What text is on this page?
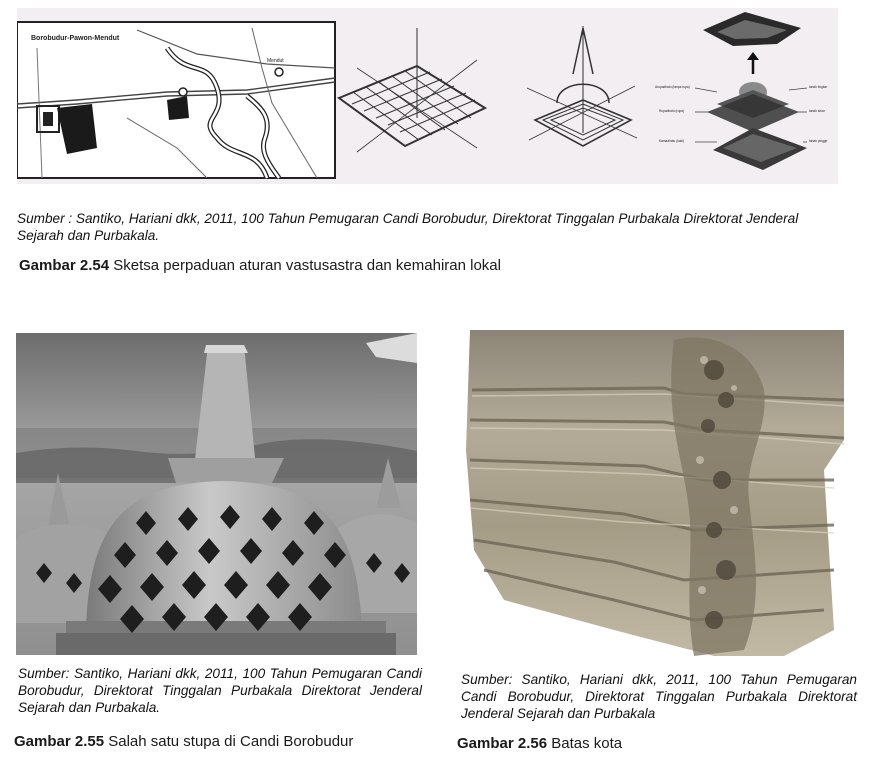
Borobudur-Pawon-Mendut
Mendut
Arupadhatu (tanpa rupa)
Rupadhatu (rupa)
Kamadhatu (kaki)
tanah lingkar
tanah sinar
tanah pinggir
Sumber : Santiko, Hariani dkk, 2011, 100 Tahun Pemugaran Candi Borobudur, Direktorat Tinggalan Purbakala Direktorat Jenderal Sejarah dan Purbakala.
Gambar 2.54 Sketsa perpaduan aturan vastusastra dan kemahiran lokal
Sumber: Santiko, Hariani dkk, 2011, 100 Tahun Pemugaran Candi Borobudur, Direktorat Tinggalan Purbakala Direktorat Jenderal Sejarah dan Purbakala.
Gambar 2.55 Salah satu stupa di Candi Borobudur
Sumber: Santiko, Hariani dkk, 2011, 100 Tahun Pemugaran Candi Borobudur, Direktorat Tinggalan Purbakala Direktorat Jenderal Sejarah dan Purbakala
Gambar 2.56 Batas kota
